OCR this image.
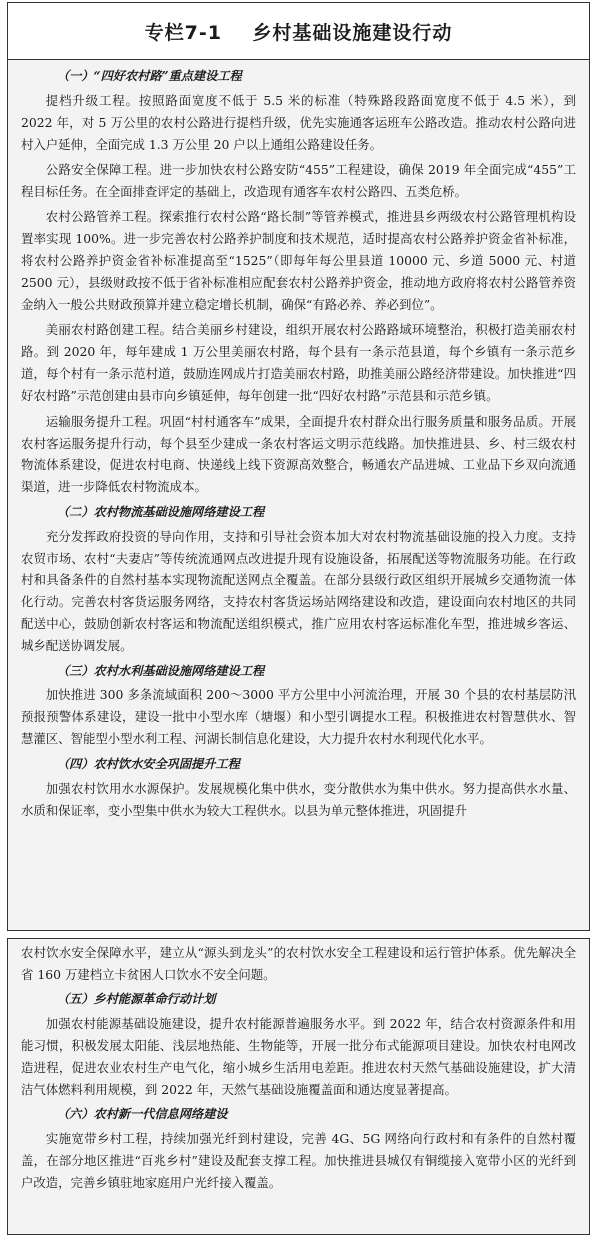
专栏7-1    乡村基础设施建设行动
（一）“四好农村路”重点建设工程

提档升级工程。按照路面宽度不低于 5.5 米的标准（特殊路段路面宽度不低于 4.5 米），到 2022 年，对 5 万公里的农村公路进行提档升级，优先实施通客运班车公路改造。推动农村公路向进村入户延伸，全面完成 1.3 万公里 20 户以上通组公路建设任务。

公路安全保障工程。进一步加快农村公路安防“455”工程建设，确保 2019 年全面完成“455”工程目标任务。在全面排查评定的基础上，改造现有通客车农村公路四、五类危桥。

农村公路管养工程。探索推行农村公路“路长制”等管养模式，推进县乡两级农村公路管理机构设置率实现 100%。进一步完善农村公路养护制度和技术规范，适时提高农村公路养护资金省补标准，将农村公路养护资金省补标准提高至“1525”（即每年每公里县道 10000 元、乡道 5000 元、村道 2500 元），县级财政按不低于省补标准相应配套农村公路养护资金，推动地方政府将农村公路管养资金纳入一般公共财政预算并建立稳定增长机制，确保“有路必养、养必到位”。

美丽农村路创建工程。结合美丽乡村建设，组织开展农村公路路域环境整治，积极打造美丽农村路。到 2020 年，每年建成 1 万公里美丽农村路，每个县有一条示范县道，每个乡镇有一条示范乡道，每个村有一条示范村道，鼓励连网成片打造美丽农村路，助推美丽公路经济带建设。加快推进“四好农村路”示范创建由县市向乡镇延伸，每年创建一批“四好农村路”示范县和示范乡镇。

运输服务提升工程。巩固“村村通客车”成果，全面提升农村群众出行服务质量和服务品质。开展农村客运服务提升行动，每个县至少建成一条农村客运文明示范线路。加快推进县、乡、村三级农村物流体系建设，促进农村电商、快递线上线下资源高效整合，畅通农产品进城、工业品下乡双向流通渠道，进一步降低农村物流成本。

（二）农村物流基础设施网络建设工程

充分发挥政府投资的导向作用，支持和引导社会资本加大对农村物流基础设施的投入力度。支持农贸市场、农村“夫妻店”等传统流通网点改进提升现有设施设备，拓展配送等物流服务功能。在行政村和具备条件的自然村基本实现物流配送网点全覆盖。在部分县级行政区组织开展城乡交通物流一体化行动。完善农村客货运服务网络，支持农村客货运场站网络建设和改造，建设面向农村地区的共同配送中心，鼓励创新农村客运和物流配送组织模式，推广应用农村客运标准化车型，推进城乡客运、城乡配送协调发展。

（三）农村水利基础设施网络建设工程

加快推进 300 多条流域面积 200～3000 平方公里中小河流治理，开展 30 个县的农村基层防汛预报预警体系建设，建设一批中小型水库（塘堰）和小型引调提水工程。积极推进农村智慧供水、智慧灌区、智能型小型水利工程、河湖长制信息化建设，大力提升农村水利现代化水平。

（四）农村饮水安全巩固提升工程

加强农村饮用水水源保护。发展规模化集中供水，变分散供水为集中供水。努力提高供水水量、水质和保证率，变小型集中供水为较大工程供水。以县为单元整体推进，巩固提升

农村饮水安全保障水平，建立从“源头到龙头”的农村饮水安全工程建设和运行管护体系。优先解决全省 160 万建档立卡贫困人口饮水不安全问题。

（五）乡村能源革命行动计划

加强农村能源基础设施建设，提升农村能源普遍服务水平。到 2022 年，结合农村资源条件和用能习惯，积极发展太阳能、浅层地热能、生物能等，开展一批分布式能源项目建设。加快农村电网改造进程，促进农业农村生产电气化，缩小城乡生活用电差距。推进农村天然气基础设施建设，扩大清洁气体燃料利用规模，到 2022 年，天然气基础设施覆盖面和通达度显著提高。

（六）农村新一代信息网络建设

实施宽带乡村工程，持续加强光纤到村建设，完善 4G、5G 网络向行政村和有条件的自然村覆盖，在部分地区推进“百兆乡村”建设及配套支撑工程。加快推进县城仅有铜缆接入宽带小区的光纤到户改造，完善乡镇驻地家庭用户光纤接入覆盖。
